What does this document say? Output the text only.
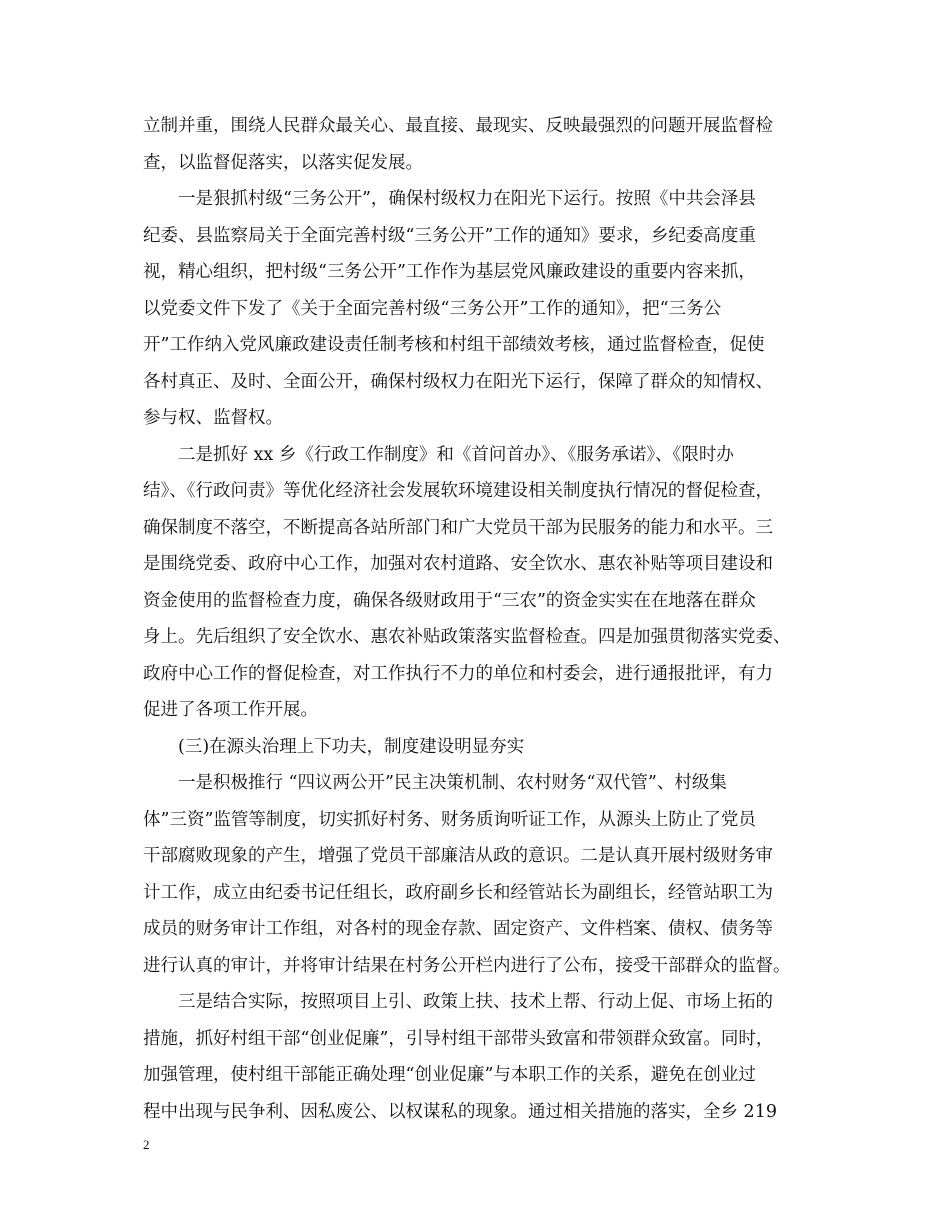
立制并重，围绕人民群众最关心、最直接、最现实、反映最强烈的问题开展监督检
查，以监督促落实，以落实促发展。

　　一是狠抓村级“三务公开”，确保村级权力在阳光下运行。按照《中共会泽县
纪委、县监察局关于全面完善村级“三务公开”工作的通知》要求，乡纪委高度重
视，精心组织，把村级“三务公开”工作作为基层党风廉政建设的重要内容来抓，
以党委文件下发了《关于全面完善村级“三务公开”工作的通知》，把“三务公
开”工作纳入党风廉政建设责任制考核和村组干部绩效考核，通过监督检查，促使
各村真正、及时、全面公开，确保村级权力在阳光下运行，保障了群众的知情权、
参与权、监督权。

　　二是抓好 xx 乡《行政工作制度》和《首问首办》、《服务承诺》、《限时办
结》、《行政问责》等优化经济社会发展软环境建设相关制度执行情况的督促检查，
确保制度不落空，不断提高各站所部门和广大党员干部为民服务的能力和水平。三
是围绕党委、政府中心工作，加强对农村道路、安全饮水、惠农补贴等项目建设和
资金使用的监督检查力度，确保各级财政用于“三农”的资金实实在在地落在群众
身上。先后组织了安全饮水、惠农补贴政策落实监督检查。四是加强贯彻落实党委、
政府中心工作的督促检查，对工作执行不力的单位和村委会，进行通报批评，有力
促进了各项工作开展。

　　(三)在源头治理上下功夫，制度建设明显夯实

　　一是积极推行 “四议两公开”民主决策机制、农村财务“双代管”、村级集
体”三资”监管等制度，切实抓好村务、财务质询听证工作，从源头上防止了党员
干部腐败现象的产生，增强了党员干部廉洁从政的意识。二是认真开展村级财务审
计工作，成立由纪委书记任组长，政府副乡长和经管站长为副组长，经管站职工为
成员的财务审计工作组，对各村的现金存款、固定资产、文件档案、债权、债务等
进行认真的审计，并将审计结果在村务公开栏内进行了公布，接受干部群众的监督。

　　三是结合实际，按照项目上引、政策上扶、技术上帮、行动上促、市场上拓的
措施，抓好村组干部“创业促廉”，引导村组干部带头致富和带领群众致富。同时，
加强管理，使村组干部能正确处理“创业促廉”与本职工作的关系，避免在创业过
程中出现与民争利、因私废公、以权谋私的现象。通过相关措施的落实，全乡 219

2
